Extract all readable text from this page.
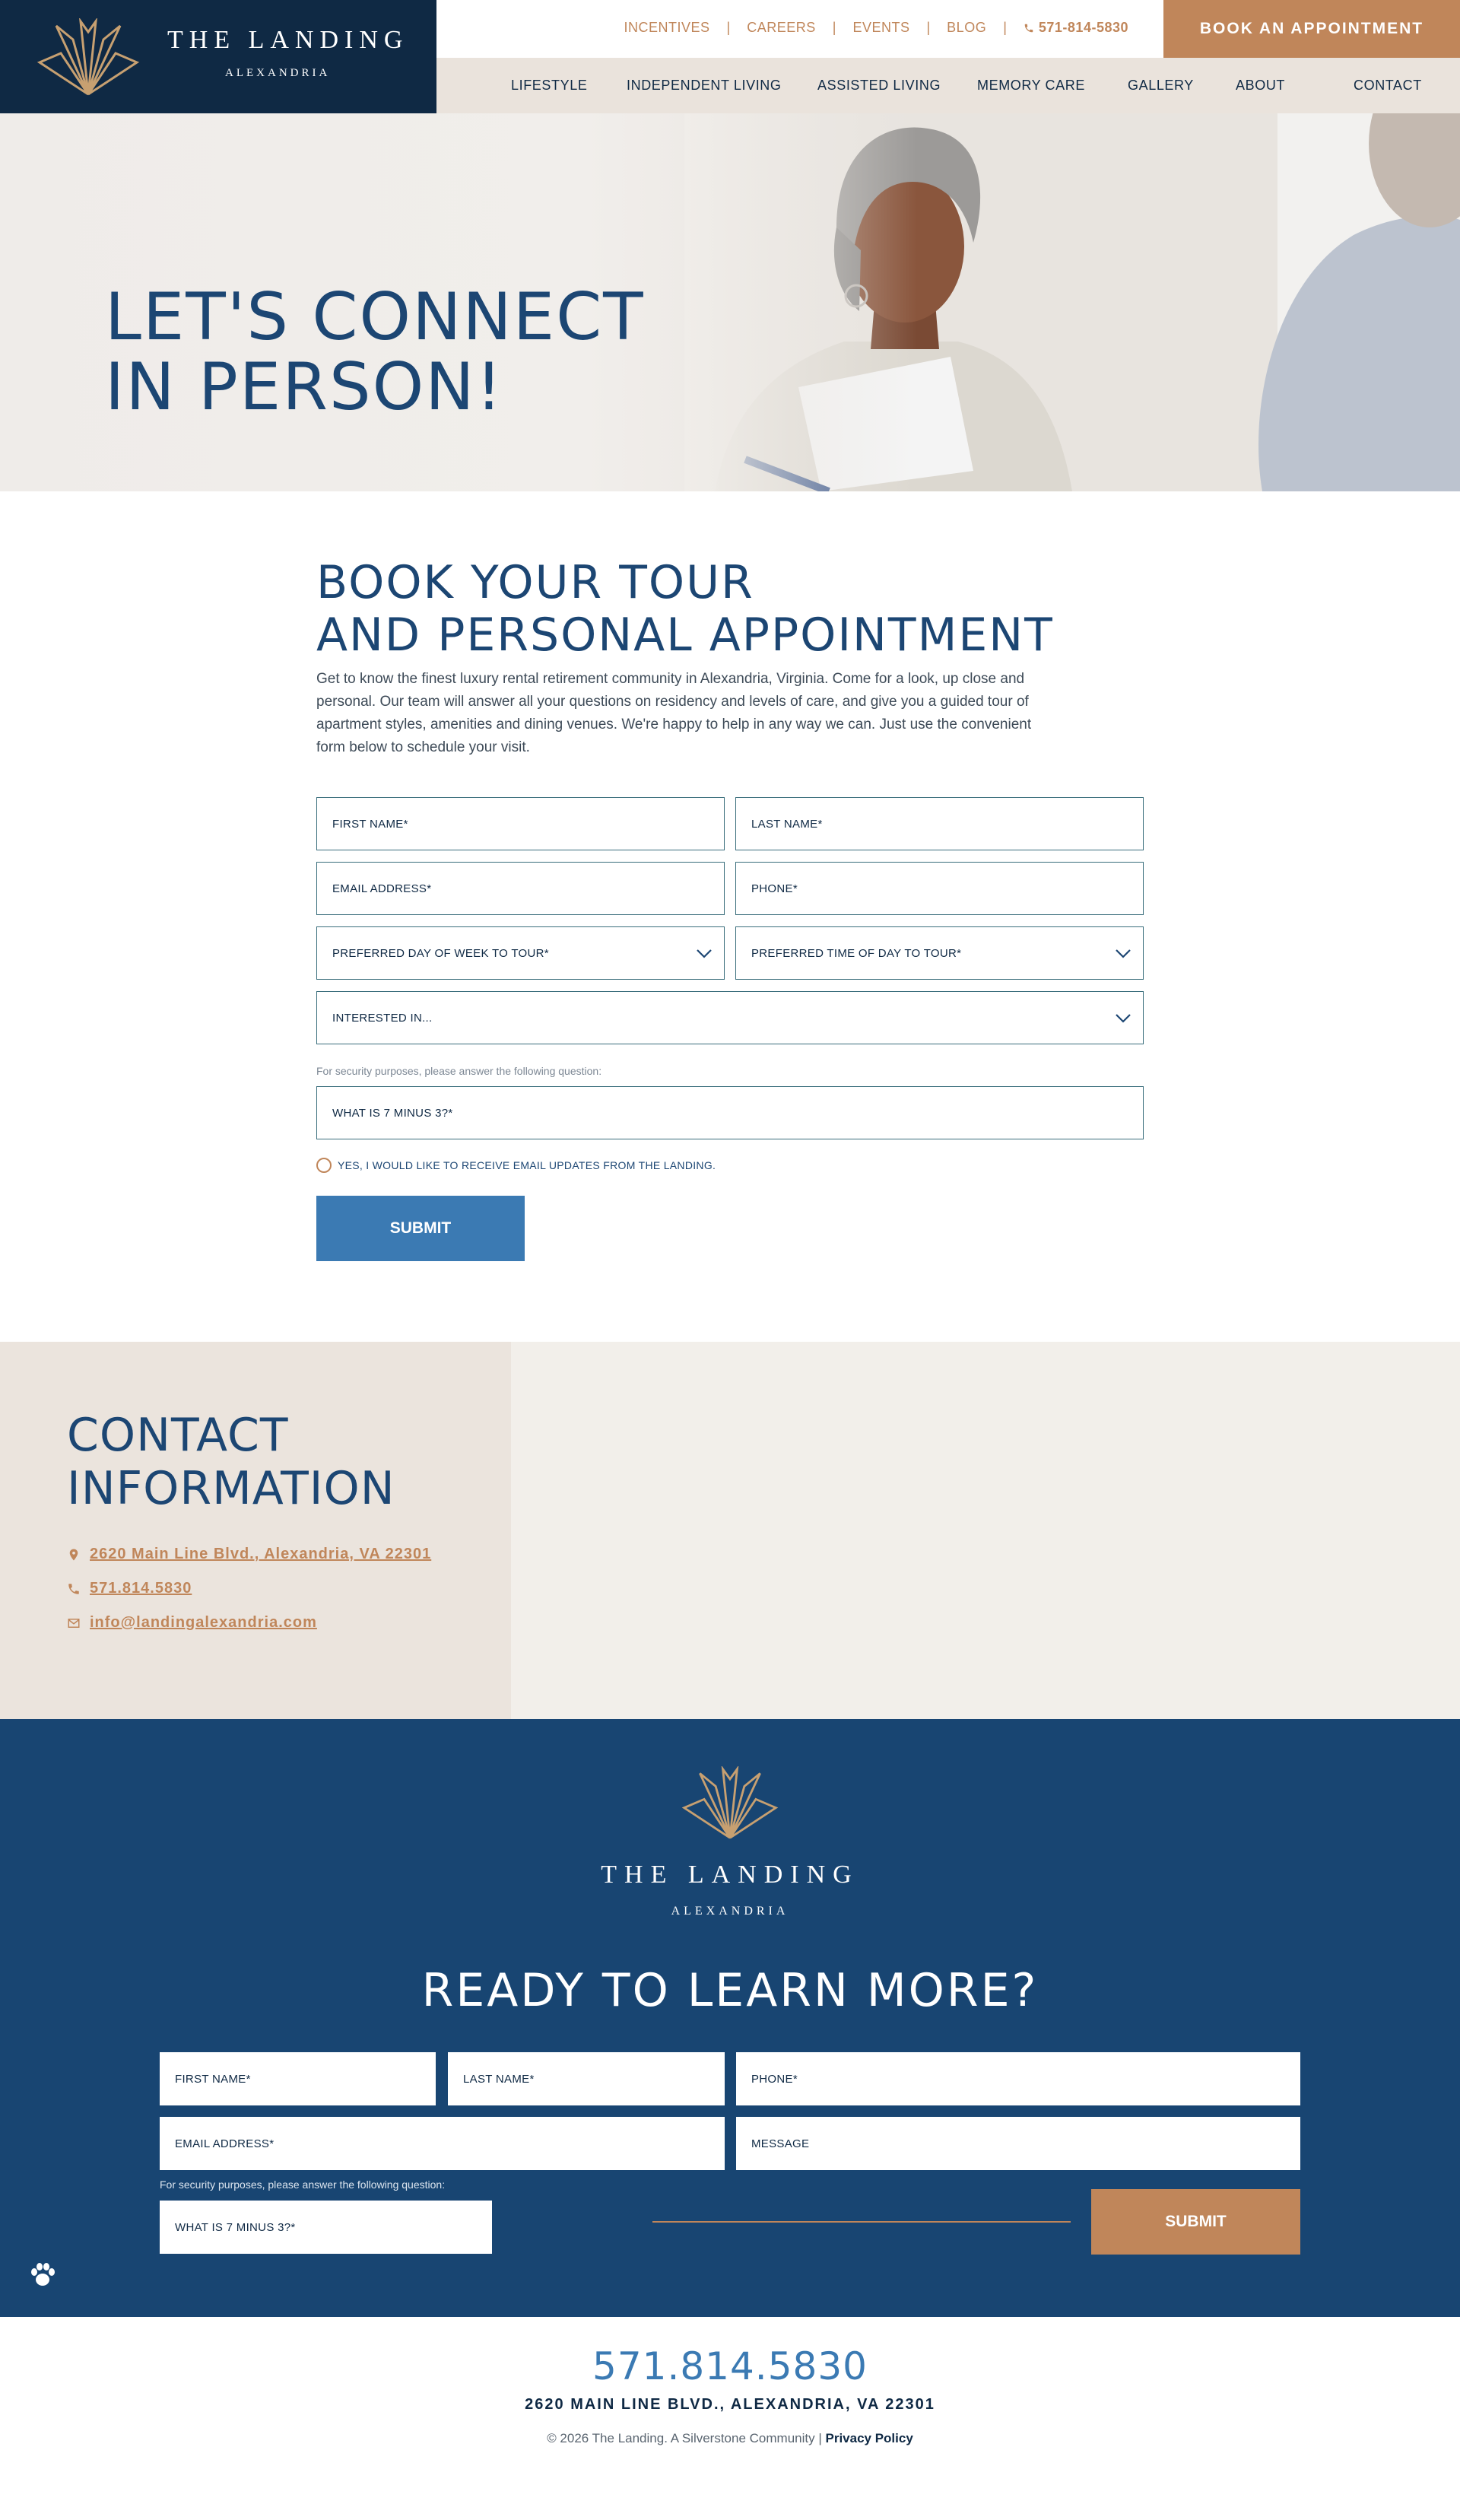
THE LANDING
ALEXANDRIA
INCENTIVES | CAREERS | EVENTS | BLOG | 571-814-5830	BOOK AN APPOINTMENT
LIFESTYLE	INDEPENDENT LIVING	ASSISTED LIVING	MEMORY CARE	GALLERY	ABOUT	CONTACT
LET'S CONNECT
IN PERSON!
BOOK YOUR TOUR
AND PERSONAL APPOINTMENT

Get to know the finest luxury rental retirement community in Alexandria, Virginia. Come for a look, up close and personal. Our team will answer all your questions on residency and levels of care, and give you a guided tour of apartment styles, amenities and dining venues. We're happy to help in any way we can. Just use the convenient form below to schedule your visit.

FIRST NAME*	LAST NAME*
EMAIL ADDRESS*	PHONE*
PREFERRED DAY OF WEEK TO TOUR*	PREFERRED TIME OF DAY TO TOUR*
INTERESTED IN...
For security purposes, please answer the following question:
WHAT IS 7 MINUS 3?*
YES, I WOULD LIKE TO RECEIVE EMAIL UPDATES FROM THE LANDING.
SUBMIT
CONTACT
INFORMATION
2620 Main Line Blvd., Alexandria, VA 22301
571.814.5830
info@landingalexandria.com
THE LANDING
ALEXANDRIA
READY TO LEARN MORE?
FIRST NAME*	LAST NAME*	PHONE*
EMAIL ADDRESS*	MESSAGE
For security purposes, please answer the following question:
WHAT IS 7 MINUS 3?*	SUBMIT
571.814.5830
2620 MAIN LINE BLVD., ALEXANDRIA, VA 22301
© 2026 The Landing. A Silverstone Community | Privacy Policy
